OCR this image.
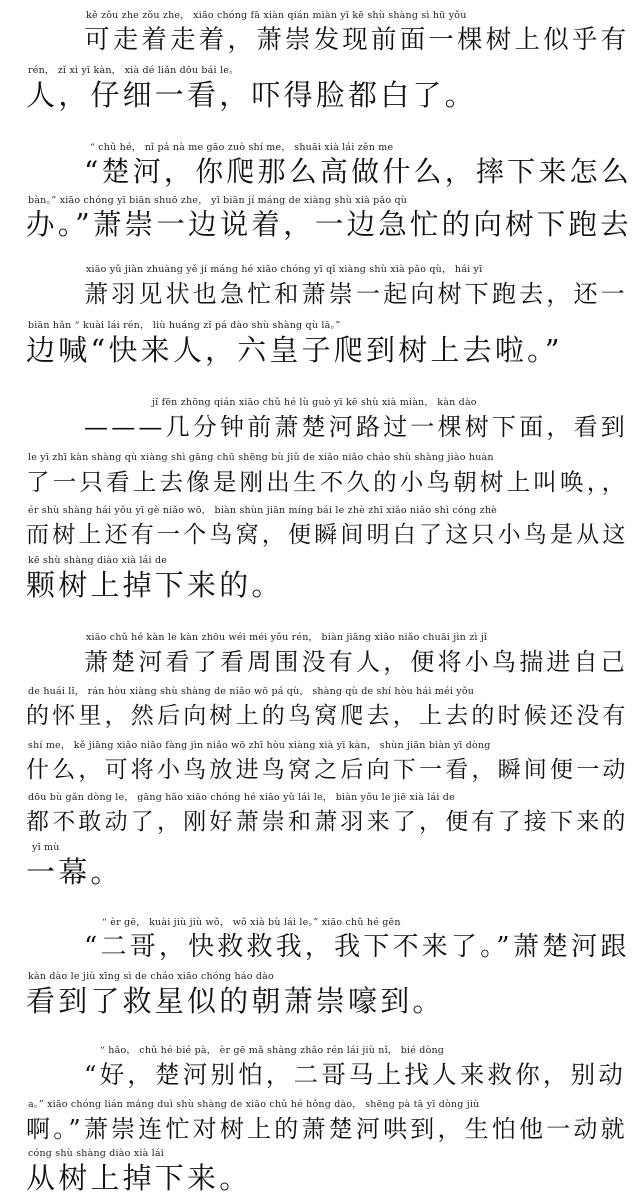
kě zǒu zhe zǒu zhe， xiāo chóng fā xiàn qián miàn yī kē shù shàng sì hū yǒu
可走着走着，萧崇发现前面一棵树上似乎有
rén， zǐ xì yī kàn， xià dé liǎn dōu bái le。
人，仔细一看，吓得脸都白了。
“ chǔ hé， nǐ pá nà me gāo zuò shí me， shuāi xià lái zěn me
“楚河，你爬那么高做什么，摔下来怎么
bàn。” xiāo chóng yī biān shuō zhe， yī biān jí máng de xiàng shù xià pǎo qù
办。”萧崇一边说着，一边急忙的向树下跑去
xiāo yǔ jiàn zhuàng yě jí máng hé xiāo chóng yī qǐ xiàng shù xià pǎo qù， hái yī
萧羽见状也急忙和萧崇一起向树下跑去，还一
biān hǎn “ kuài lái rén， liù huáng zǐ pá dào shù shàng qù lā。”
边喊“快来人，六皇子爬到树上去啦。”
jǐ fēn zhōng qián xiāo chǔ hé lù guò yī kē shù xià miàn， kàn dào
———几分钟前萧楚河路过一棵树下面，看到
le yī zhī kàn shàng qù xiàng shì gāng chū shēng bù jiǔ de xiǎo niǎo cháo shù shàng jiào huàn
了一只看上去像是刚出生不久的小鸟朝树上叫唤，，
ér shù shàng hái yǒu yī gè niǎo wō， biàn shùn jiān míng bái le zhè zhī xiǎo niǎo shì cóng zhè
而树上还有一个鸟窝，便瞬间明白了这只小鸟是从这
kē shù shàng diào xià lái de
颗树上掉下来的。
xiāo chǔ hé kàn le kàn zhōu wéi méi yǒu rén， biàn jiāng xiǎo niǎo chuāi jìn zì jǐ
萧楚河看了看周围没有人，便将小鸟揣进自己
de huái lǐ， rán hòu xiàng shù shàng de niǎo wō pá qù， shàng qù de shí hòu hái méi yǒu
的怀里，然后向树上的鸟窝爬去，上去的时候还没有
shí me， kě jiāng xiǎo niǎo fàng jìn niǎo wō zhī hòu xiàng xià yī kàn， shùn jiān biàn yī dòng
什么，可将小鸟放进鸟窝之后向下一看，瞬间便一动
dōu bù gǎn dòng le， gāng hǎo xiāo chóng hé xiāo yǔ lái le， biàn yǒu le jiē xià lái de
都不敢动了，刚好萧崇和萧羽来了，便有了接下来的
yī mù
一幕。
“ èr gē， kuài jiù jiù wǒ， wǒ xià bù lái le。” xiāo chǔ hé gēn
“二哥，快救救我，我下不来了。”萧楚河跟
kàn dào le jiù xīng sì de cháo xiāo chóng háo dào
看到了救星似的朝萧崇嚎到。
“ hǎo， chǔ hé bié pà， èr gē mǎ shàng zhǎo rén lái jiù nǐ， bié dòng
“好，楚河别怕，二哥马上找人来救你，别动
a。” xiāo chóng lián máng duì shù shàng de xiāo chǔ hé hǒng dào， shēng pà tā yī dòng jiù
啊。”萧崇连忙对树上的萧楚河哄到，生怕他一动就
cóng shù shàng diào xià lái
从树上掉下来。
